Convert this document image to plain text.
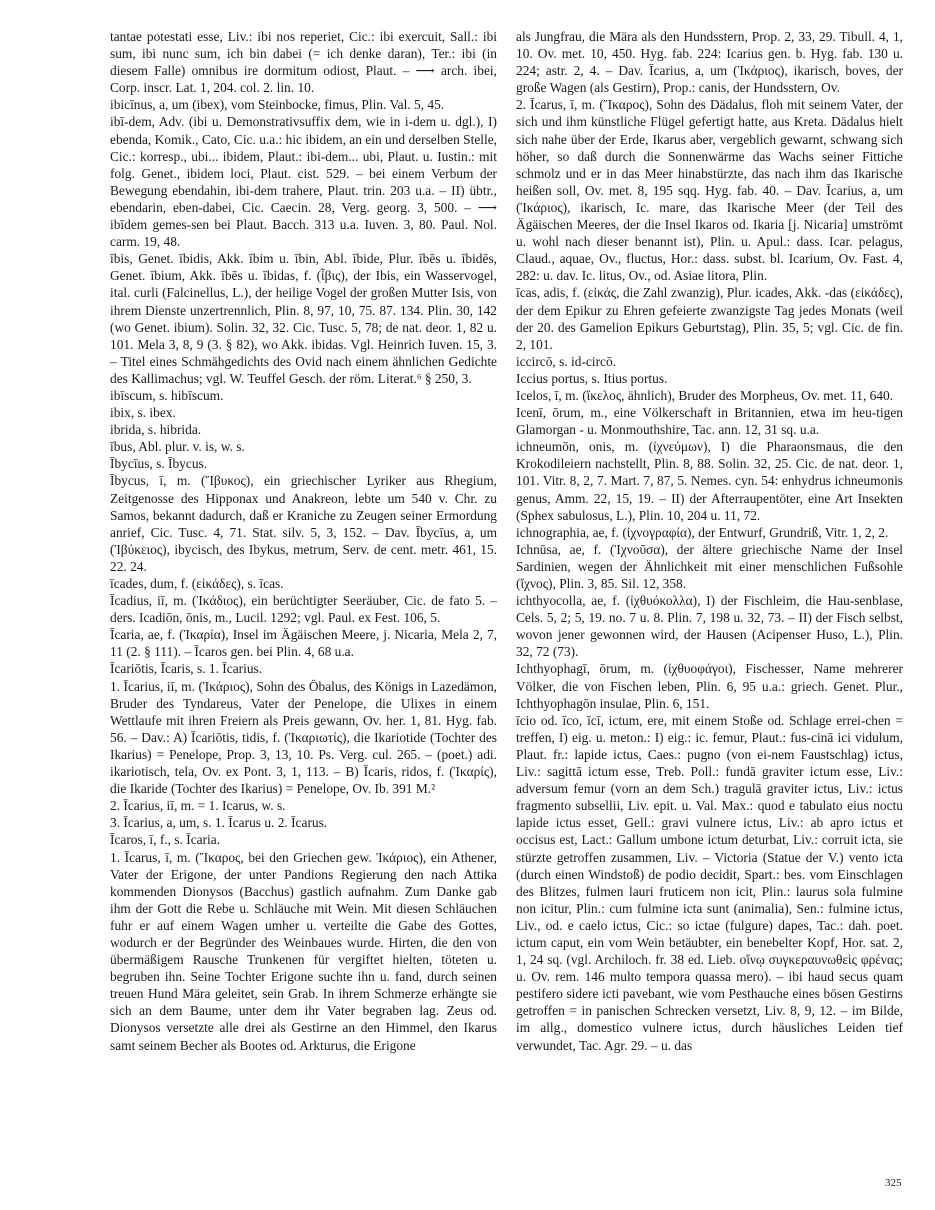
tantae potestati esse, Liv.: ibi nos reperiet, Cic.: ibi exercuit, Sall.: ibi sum, ibi nunc sum, ich bin dabei (= ich denke daran), Ter.: ibi (in diesem Falle) omnibus ire dormitum odiost, Plaut. – ⟶ arch. ibei, Corp. inscr. Lat. 1, 204. col. 2. lin. 10.

ibicīnus, a, um (ibex), vom Steinbocke, fimus, Plin. Val. 5, 45.

ibī-dem, Adv. (ibi u. Demonstrativsuffix dem, wie in i-dem u. dgl.), I) ebenda, Komik., Cato, Cic. u.a.: hic ibidem, an ein und derselben Stelle, Cic.: korresp., ubi... ibidem, Plaut.: ibi-dem... ubi, Plaut. u. Iustin.: mit folg. Genet., ibidem loci, Plaut. cist. 529. – bei einem Verbum der Bewegung ebendahin, ibi-dem trahere, Plaut. trin. 203 u.a. – II) übtr., ebendarin, eben-dabei, Cic. Caecin. 28, Verg. georg. 3, 500. – ⟶ ibīdem gemes-sen bei Plaut. Bacch. 313 u.a. Iuven. 3, 80. Paul. Nol. carm. 19, 48.

ībis, Genet. ībidis, Akk. ībim u. ībin, Abl. ībide, Plur. ībēs u. ībidēs, Genet. ībium, Akk. ībēs u. ībidas, f. (ἶβις), der Ibis, ein Wasservogel, ital. curli (Falcinellus, L.), der heilige Vogel der großen Mutter Isis, von ihrem Dienste unzertrennlich, Plin. 8, 97, 10, 75. 87. 134. Plin. 30, 142 (wo Genet. ibium). Solin. 32, 32. Cic. Tusc. 5, 78; de nat. deor. 1, 82 u. 101. Mela 3, 8, 9 (3. § 82), wo Akk. ibidas. Vgl. Heinrich Iuven. 15, 3. – Titel eines Schmähgedichts des Ovid nach einem ähnlichen Gedichte des Kallimachus; vgl. W. Teuffel Gesch. der röm. Literat.⁶ § 250, 3.

ibīscum, s. hibīscum.

ibix, s. ibex.

ibrida, s. hibrida.

ībus, Abl. plur. v. is, w. s.

Ībycīus, s. Ībycus.

Ībycus, ī, m. (Ἴβυκος), ein griechischer Lyriker aus Rhegium, Zeitgenosse des Hipponax und Anakreon, lebte um 540 v. Chr. zu Samos, bekannt dadurch, daß er Kraniche zu Zeugen seiner Ermordung anrief, Cic. Tusc. 4, 71. Stat. silv. 5, 3, 152. – Dav. Ībycīus, a, um (Ἰβύκειος), ibycisch, des Ibykus, metrum, Serv. de cent. metr. 461, 15. 22. 24.

īcades, dum, f. (εἰκάδες), s. īcas.

Īcadius, iī, m. (Ἰκάδιος), ein berüchtigter Seeräuber, Cic. de fato 5. – ders. Icadiōn, ōnis, m., Lucil. 1292; vgl. Paul. ex Fest. 106, 5.

Īcaria, ae, f. (Ἰκαρία), Insel im Ägäischen Meere, j. Nicaria, Mela 2, 7, 11 (2. § 111). – Īcaros gen. bei Plin. 4, 68 u.a.

Īcariōtis, Īcaris, s. 1. Īcarius.

1. Īcarius, iī, m. (Ἰκάριος), Sohn des Öbalus, des Königs in Lazedämon, Bruder des Tyndareus, Vater der Penelope, die Ulixes in einem Wettlaufe mit ihren Freiern als Preis gewann, Ov. her. 1, 81. Hyg. fab. 56. – Dav.: A) Īcariōtis, tidis, f. (Ἰκαριωτίς), die Ikariotide (Tochter des Ikarius) = Penelope, Prop. 3, 13, 10. Ps. Verg. cul. 265. – (poet.) adi. ikariotisch, tela, Ov. ex Pont. 3, 1, 113. – B) Īcaris, ridos, f. (Ἰκαρίς), die Ikaride (Tochter des Ikarius) = Penelope, Ov. Ib. 391 M.²

2. Īcarius, iī, m. = 1. Icarus, w. s.

3. Īcarius, a, um, s. 1. Īcarus u. 2. Īcarus.

Īcaros, ī, f., s. Īcaria.

1. Īcarus, ī, m. (Ἴκαρος, bei den Griechen gew. Ἰκάριος), ein Athener, Vater der Erigone, der unter Pandions Regierung den nach Attika kommenden Dionysos (Bacchus) gastlich aufnahm. Zum Danke gab ihm der Gott die Rebe u. Schläuche mit Wein. Mit diesen Schläuchen fuhr er auf einem Wagen umher u. verteilte die Gabe des Gottes, wodurch er der Begründer des Weinbaues wurde. Hirten, die den von übermäßigem Rausche Trunkenen für vergiftet hielten, töteten u. begruben ihn. Seine Tochter Erigone suchte ihn u. fand, durch seinen treuen Hund Mära geleitet, sein Grab. In ihrem Schmerze erhängte sie sich an dem Baume, unter dem ihr Vater begraben lag. Zeus od. Dionysos versetzte alle drei als Gestirne an den Himmel, den Ikarus samt seinem Becher als Bootes od. Arkturus, die Erigone

als Jungfrau, die Mära als den Hundsstern, Prop. 2, 33, 29. Tibull. 4, 1, 10. Ov. met. 10, 450. Hyg. fab. 224: Icarius gen. b. Hyg. fab. 130 u. 224; astr. 2, 4. – Dav. Īcarius, a, um (Ἰκάριος), ikarisch, boves, der große Wagen (als Gestirn), Prop.: canis, der Hundsstern, Ov.

2. Īcarus, ī, m. (Ἴκαρος), Sohn des Dädalus, floh mit seinem Vater, der sich und ihm künstliche Flügel gefertigt hatte, aus Kreta. Dädalus hielt sich nahe über der Erde, Ikarus aber, vergeblich gewarnt, schwang sich höher, so daß durch die Sonnenwärme das Wachs seiner Fittiche schmolz und er in das Meer hinabstürzte, das nach ihm das Ikarische heißen soll, Ov. met. 8, 195 sqq. Hyg. fab. 40. – Dav. Īcarius, a, um (Ἰκάριος), ikarisch, Ic. mare, das Ikarische Meer (der Teil des Ägäischen Meeres, der die Insel Ikaros od. Ikaria [j. Nicaria] umströmt u. wohl nach dieser benannt ist), Plin. u. Apul.: dass. Icar. pelagus, Claud., aquae, Ov., fluctus, Hor.: dass. subst. bl. Icarium, Ov. Fast. 4, 282: u. dav. Ic. litus, Ov., od. Asiae litora, Plin.

īcas, adis, f. (εἰκάς, die Zahl zwanzig), Plur. icades, Akk. -das (εἰκάδες), der dem Epikur zu Ehren gefeierte zwanzigste Tag jedes Monats (weil der 20. des Gamelion Epikurs Geburtstag), Plin. 35, 5; vgl. Cic. de fin. 2, 101.

iccircō, s. id-circō.

Iccius portus, s. Itius portus.

Icelos, ī, m. (ἴκελος, ähnlich), Bruder des Morpheus, Ov. met. 11, 640.

Icenī, ōrum, m., eine Völkerschaft in Britannien, etwa im heu-tigen Glamorgan - u. Monmouthshire, Tac. ann. 12, 31 sq. u.a.

ichneumōn, onis, m. (ἰχνεύμων), I) die Pharaonsmaus, die den Krokodileiern nachstellt, Plin. 8, 88. Solin. 32, 25. Cic. de nat. deor. 1, 101. Vitr. 8, 2, 7. Mart. 7, 87, 5. Nemes. cyn. 54: enhydrus ichneumonis genus, Amm. 22, 15, 19. – II) der Afterraupentöter, eine Art Insekten (Sphex sabulosus, L.), Plin. 10, 204 u. 11, 72.

ichnographia, ae, f. (ἰχνογραφία), der Entwurf, Grundriß, Vitr. 1, 2, 2.

Ichnūsa, ae, f. (Ἰχνοῦσα), der ältere griechische Name der Insel Sardinien, wegen der Ähnlichkeit mit einer menschlichen Fußsohle (ἴχνος), Plin. 3, 85. Sil. 12, 358.

ichthyocolla, ae, f. (ἰχθυόκολλα), I) der Fischleim, die Hau-senblase, Cels. 5, 2; 5, 19. no. 7 u. 8. Plin. 7, 198 u. 32, 73. – II) der Fisch selbst, wovon jener gewonnen wird, der Hausen (Acipenser Huso, L.), Plin. 32, 72 (73).

Ichthyophagī, ōrum, m. (ἰχθυοφάγοι), Fischesser, Name mehrerer Völker, die von Fischen leben, Plin. 6, 95 u.a.: griech. Genet. Plur., Ichthyophagōn insulae, Plin. 6, 151.

īcio od. īco, īcī, ictum, ere, mit einem Stoße od. Schlage errei-chen = treffen, I) eig. u. meton.: I) eig.: ic. femur, Plaut.: fus-cinā ici vidulum, Plaut. fr.: lapide ictus, Caes.: pugno (von ei-nem Faustschlag) ictus, Liv.: sagittā ictum esse, Treb. Poll.: fundā graviter ictum esse, Liv.: adversum femur (vorn an dem Sch.) tragulā graviter ictus, Liv.: ictus fragmento subsellii, Liv. epit. u. Val. Max.: quod e tabulato eius noctu lapide ictus esset, Gell.: gravi vulnere ictus, Liv.: ab apro ictus et occisus est, Lact.: Gallum umbone ictum deturbat, Liv.: corruit icta, sie stürzte getroffen zusammen, Liv. – Victoria (Statue der V.) vento icta (durch einen Windstoß) de podio decidit, Spart.: bes. vom Einschlagen des Blitzes, fulmen lauri fruticem non icit, Plin.: laurus sola fulmine non icitur, Plin.: cum fulmine icta sunt (animalia), Sen.: fulmine ictus, Liv., od. e caelo ictus, Cic.: so ictae (fulgure) dapes, Tac.: dah. poet. ictum caput, ein vom Wein betäubter, ein benebelter Kopf, Hor. sat. 2, 1, 24 sq. (vgl. Archiloch. fr. 38 ed. Lieb. οἴνῳ συγκεραυνωθεὶς φρένας; u. Ov. rem. 146 multo tempora quassa mero). – ibi haud secus quam pestifero sidere icti pavebant, wie vom Pesthauche eines bösen Gestirns getroffen = in panischen Schrecken versetzt, Liv. 8, 9, 12. – im Bilde, im allg., domestico vulnere ictus, durch häusliches Leiden tief verwundet, Tac. Agr. 29. – u. das

325
